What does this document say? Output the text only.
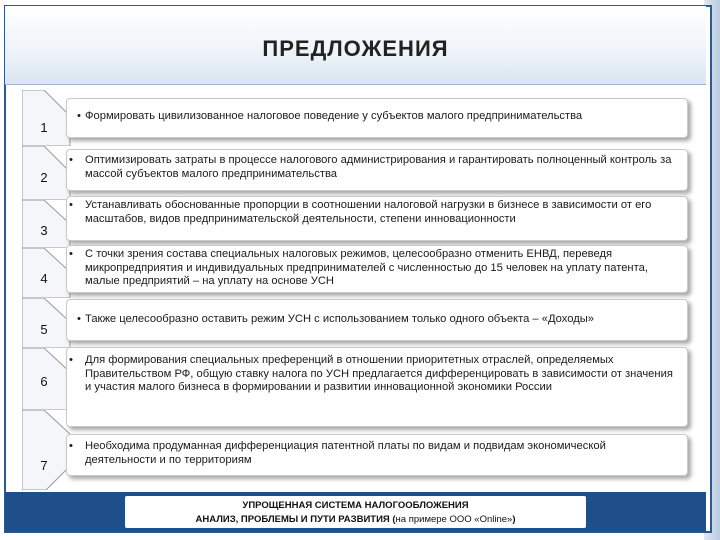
ПРЕДЛОЖЕНИЯ
1
2
3
4
5
6
7
• Формировать цивилизованное налоговое поведение у субъектов малого предпринимательства
• Оптимизировать затраты в процессе налогового администрирования и гарантировать полноценный контроль за массой субъектов малого предпринимательства
• Устанавливать обоснованные пропорции в соотношении налоговой нагрузки в бизнесе в зависимости от его масштабов, видов предпринимательской деятельности, степени инновационности
• С точки зрения состава специальных налоговых режимов, целесообразно отменить ЕНВД, переведя микропредприятия и индивидуальных предпринимателей с численностью до 15 человек на уплату патента, малые предприятий – на уплату на основе УСН
• Также целесообразно оставить режим УСН с использованием только одного объекта – «Доходы»
• Для формирования специальных преференций в отношении приоритетных отраслей, определяемых Правительством РФ, общую ставку налога по УСН предлагается дифференцировать в зависимости от значения и участия малого бизнеса в формировании и развитии инновационной экономики России
• Необходима продуманная дифференциация патентной платы по видам и подвидам экономической деятельности и по территориям
УПРОЩЕННАЯ СИСТЕМА НАЛОГООБЛОЖЕНИЯ
АНАЛИЗ, ПРОБЛЕМЫ И ПУТИ РАЗВИТИЯ (на примере ООО «Online»)
